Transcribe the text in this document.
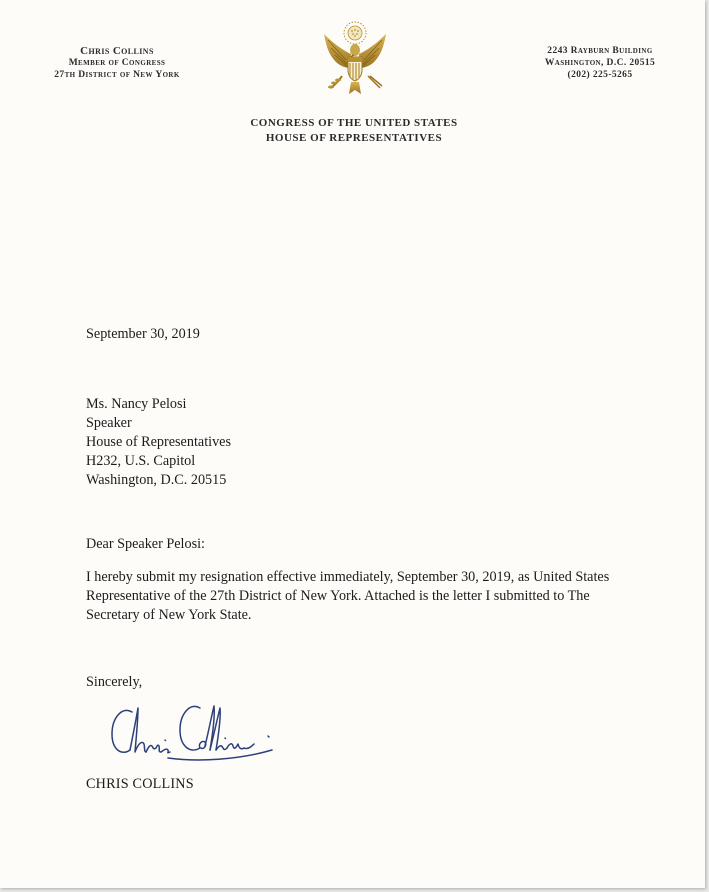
Chris Collins
Member of Congress
27th District of New York
2243 Rayburn Building
Washington, D.C. 20515
(202) 225-5265
CONGRESS OF THE UNITED STATES
HOUSE OF REPRESENTATIVES
September 30, 2019
Ms. Nancy Pelosi
Speaker
House of Representatives
H232, U.S. Capitol
Washington, D.C. 20515
Dear Speaker Pelosi:
I hereby submit my resignation effective immediately, September 30, 2019, as United States
Representative of the 27th District of New York. Attached is the letter I submitted to The
Secretary of New York State.
Sincerely,
CHRIS COLLINS
